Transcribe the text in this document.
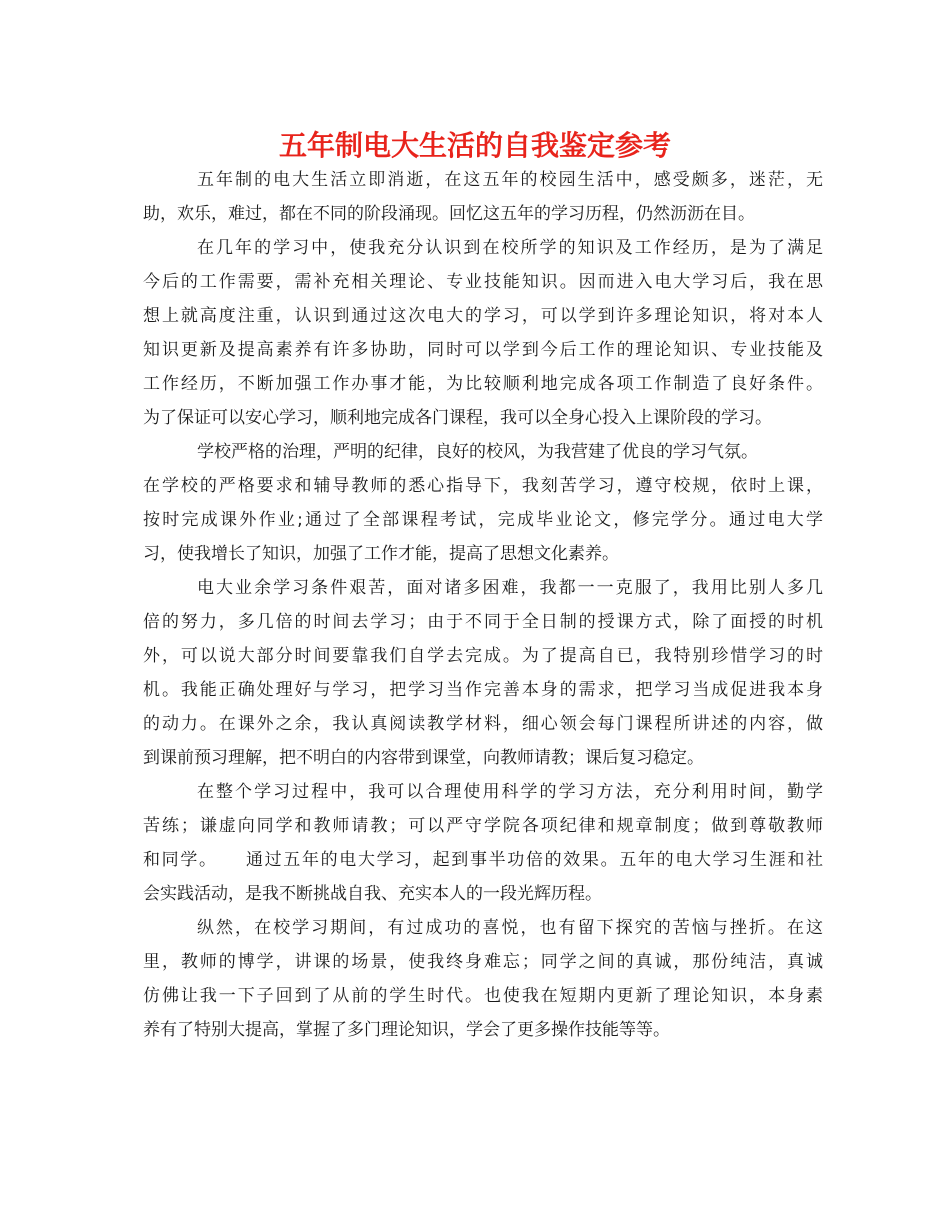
五年制电大生活的自我鉴定参考
五年制的电大生活立即消逝，在这五年的校园生活中，感受颇多，迷茫，无
助，欢乐，难过，都在不同的阶段涌现。回忆这五年的学习历程，仍然沥沥在目。
在几年的学习中，使我充分认识到在校所学的知识及工作经历，是为了满足
今后的工作需要，需补充相关理论、专业技能知识。因而进入电大学习后，我在思
想上就高度注重，认识到通过这次电大的学习，可以学到许多理论知识，将对本人
知识更新及提高素养有许多协助，同时可以学到今后工作的理论知识、专业技能及
工作经历，不断加强工作办事才能，为比较顺利地完成各项工作制造了良好条件。
为了保证可以安心学习，顺利地完成各门课程，我可以全身心投入上课阶段的学习。
学校严格的治理，严明的纪律，良好的校风，为我营建了优良的学习气氛。
在学校的严格要求和辅导教师的悉心指导下，我刻苦学习，遵守校规，依时上课，
按时完成课外作业;通过了全部课程考试，完成毕业论文，修完学分。通过电大学
习，使我增长了知识，加强了工作才能，提高了思想文化素养。
电大业余学习条件艰苦，面对诸多困难，我都一一克服了，我用比别人多几
倍的努力，多几倍的时间去学习；由于不同于全日制的授课方式，除了面授的时机
外，可以说大部分时间要靠我们自学去完成。为了提高自已，我特别珍惜学习的时
机。我能正确处理好与学习，把学习当作完善本身的需求，把学习当成促进我本身
的动力。在课外之余，我认真阅读教学材料，细心领会每门课程所讲述的内容，做
到课前预习理解，把不明白的内容带到课堂，向教师请教；课后复习稳定。
在整个学习过程中，我可以合理使用科学的学习方法，充分利用时间，勤学
苦练；谦虚向同学和教师请教；可以严守学院各项纪律和规章制度；做到尊敬教师
和同学。    通过五年的电大学习，起到事半功倍的效果。五年的电大学习生涯和社
会实践活动，是我不断挑战自我、充实本人的一段光辉历程。
纵然，在校学习期间，有过成功的喜悦，也有留下探究的苦恼与挫折。在这
里，教师的博学，讲课的场景，使我终身难忘；同学之间的真诚，那份纯洁，真诚
仿佛让我一下子回到了从前的学生时代。也使我在短期内更新了理论知识，本身素
养有了特别大提高，掌握了多门理论知识，学会了更多操作技能等等。
